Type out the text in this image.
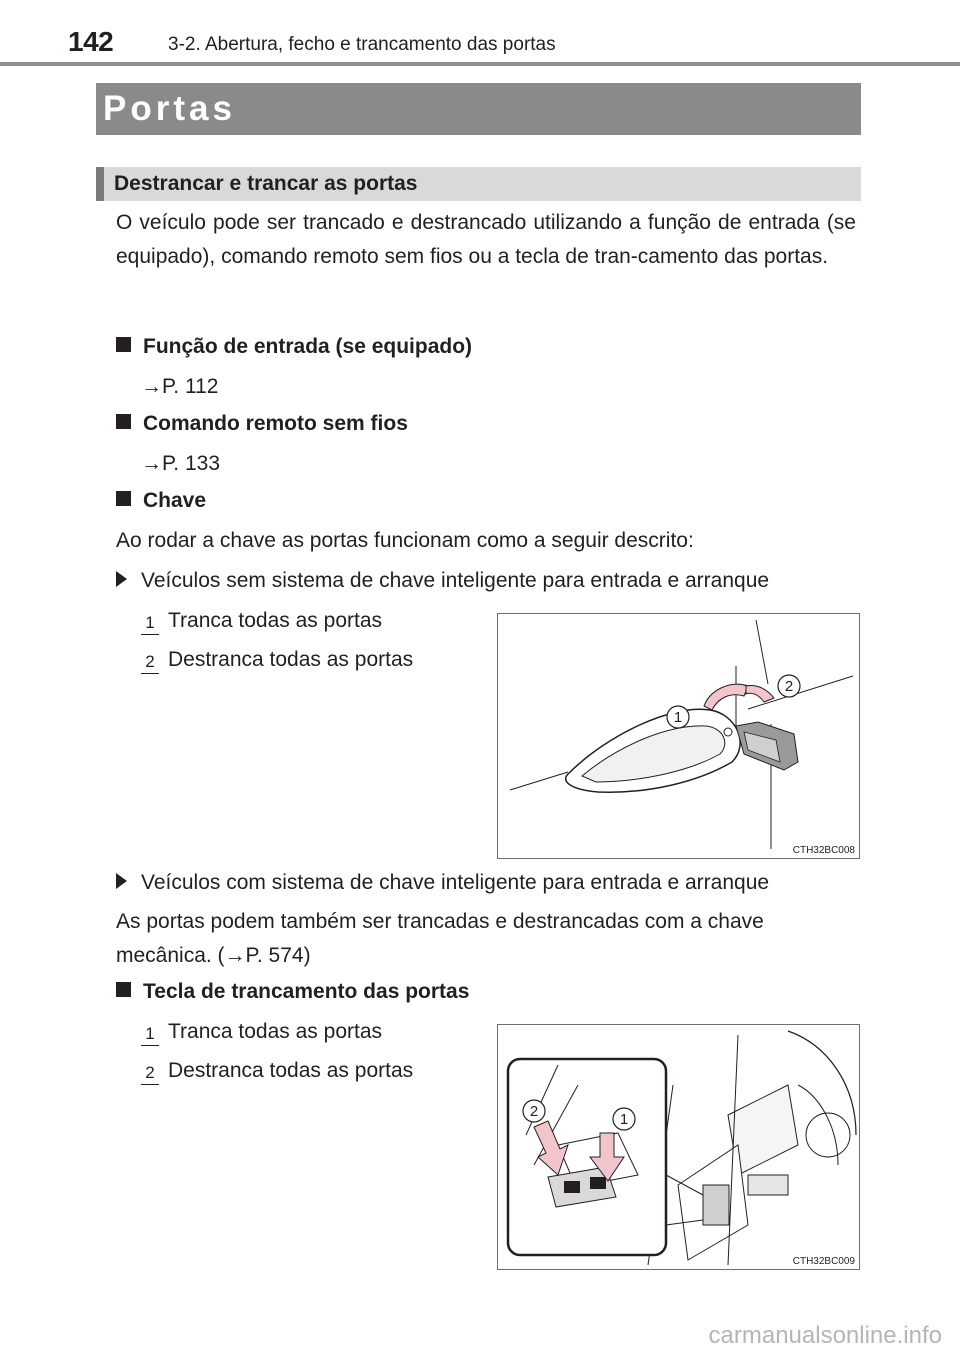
142	3-2. Abertura, fecho e trancamento das portas
Portas
Destrancar e trancar as portas
O veículo pode ser trancado e destrancado utilizando a função de entrada (se equipado), comando remoto sem fios ou a tecla de tran-camento das portas.
Função de entrada (se equipado)
→P. 112
Comando remoto sem fios
→P. 133
Chave
Ao rodar a chave as portas funcionam como a seguir descrito:
Veículos sem sistema de chave inteligente para entrada e arranque
1 Tranca todas as portas
2 Destranca todas as portas
1
2
CTH32BC008
Veículos com sistema de chave inteligente para entrada e arranque
As portas podem também ser trancadas e destrancadas com a chave mecânica. (→P. 574)
Tecla de trancamento das portas
1 Tranca todas as portas
2 Destranca todas as portas
2	1
CTH32BC009
carmanualsonline.info
